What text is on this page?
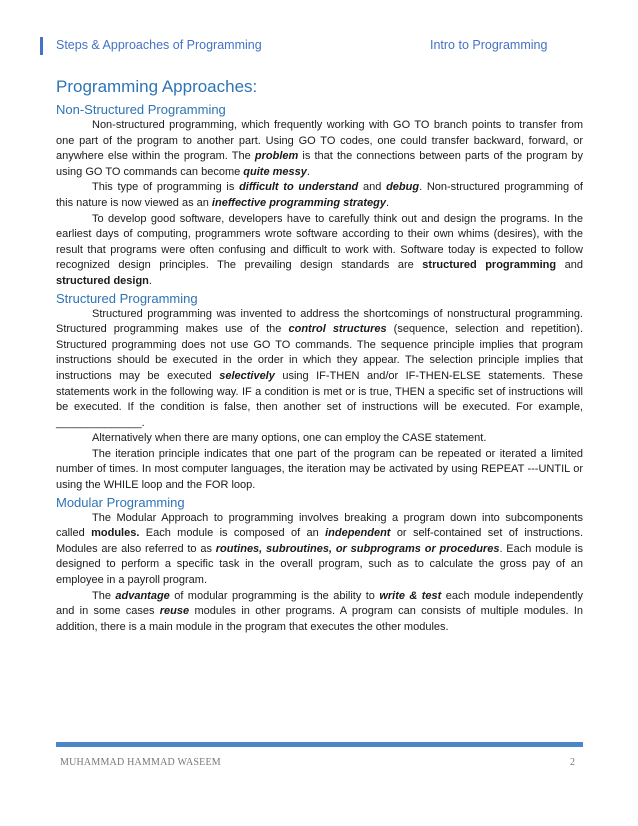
Steps & Approaches of Programming	Intro to Programming
Programming Approaches:
Non-Structured Programming

Non-structured programming, which frequently working with GO TO branch points to transfer from one part of the program to another part. Using GO TO codes, one could transfer backward, forward, or anywhere else within the program. The problem is that the connections between parts of the program by using GO TO commands can become quite messy.

This type of programming is difficult to understand and debug. Non-structured programming of this nature is now viewed as an ineffective programming strategy.

To develop good software, developers have to carefully think out and design the programs. In the earliest days of computing, programmers wrote software according to their own whims (desires), with the result that programs were often confusing and difficult to work with. Software today is expected to follow recognized design principles. The prevailing design standards are structured programming and structured design.

Structured Programming

Structured programming was invented to address the shortcomings of nonstructural programming. Structured programming makes use of the control structures (sequence, selection and repetition). Structured programming does not use GO TO commands. The sequence principle implies that program instructions should be executed in the order in which they appear. The selection principle implies that instructions may be executed selectively using IF-THEN and/or IF-THEN-ELSE statements. These statements work in the following way. IF a condition is met or is true, THEN a specific set of instructions will be executed. If the condition is false, then another set of instructions will be executed. For example, ______________.

Alternatively when there are many options, one can employ the CASE statement.

The iteration principle indicates that one part of the program can be repeated or iterated a limited number of times. In most computer languages, the iteration may be activated by using REPEAT ---UNTIL or using the WHILE loop and the FOR loop.

Modular Programming

The Modular Approach to programming involves breaking a program down into subcomponents called modules. Each module is composed of an independent or self-contained set of instructions. Modules are also referred to as routines, subroutines, or subprograms or procedures. Each module is designed to perform a specific task in the overall program, such as to calculate the gross pay of an employee in a payroll program.

The advantage of modular programming is the ability to write & test each module independently and in some cases reuse modules in other programs. A program can consists of multiple modules. In addition, there is a main module in the program that executes the other modules.

MUHAMMAD HAMMAD WASEEM	2
